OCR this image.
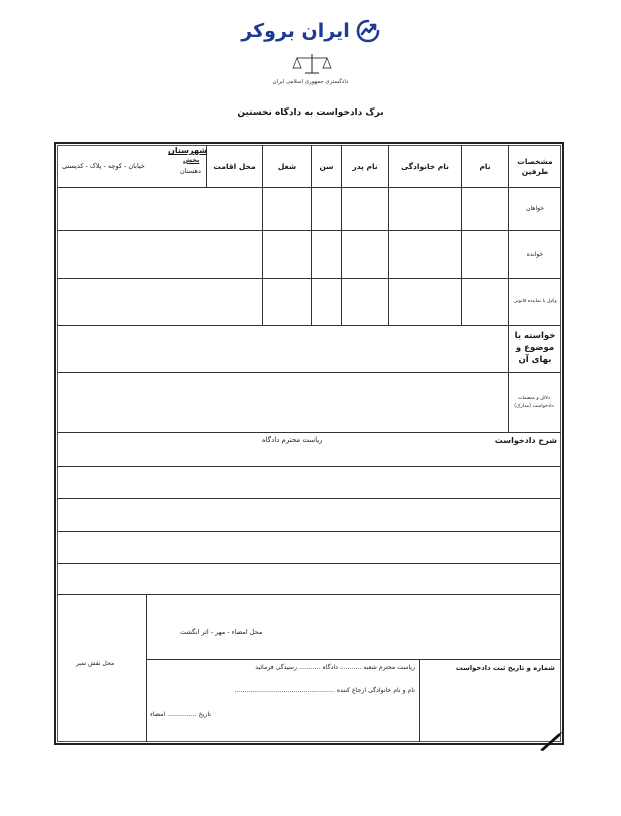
ایران بروکر
دادگستری جمهوری اسلامی ایران
برگ دادخواست به دادگاه نخستین
مشخصات طرفین
نام
نام خانوادگی
نام پدر
سن
شغل
محل اقامت
شهرستان
بخش
دهستان
خیابان - کوچه - پلاک - کدپستی
خواهان
خوانده
وکیل یا نماینده قانونی
خواسته یا موضوع و بهای آن
دلائل و منضمات دادخواست (مدارک)
شرح دادخواست
ریاست محترم دادگاه
محل نقش تمبر
محل امضاء - مهر - اثر انگشت
شماره و تاریخ ثبت دادخواست
ریاست محترم شعبه ........... دادگاه ........... رسیدگی فرمائید
نام و نام خانوادگی ارجاع کننده ...................................................
تاریخ ............... امضاء
